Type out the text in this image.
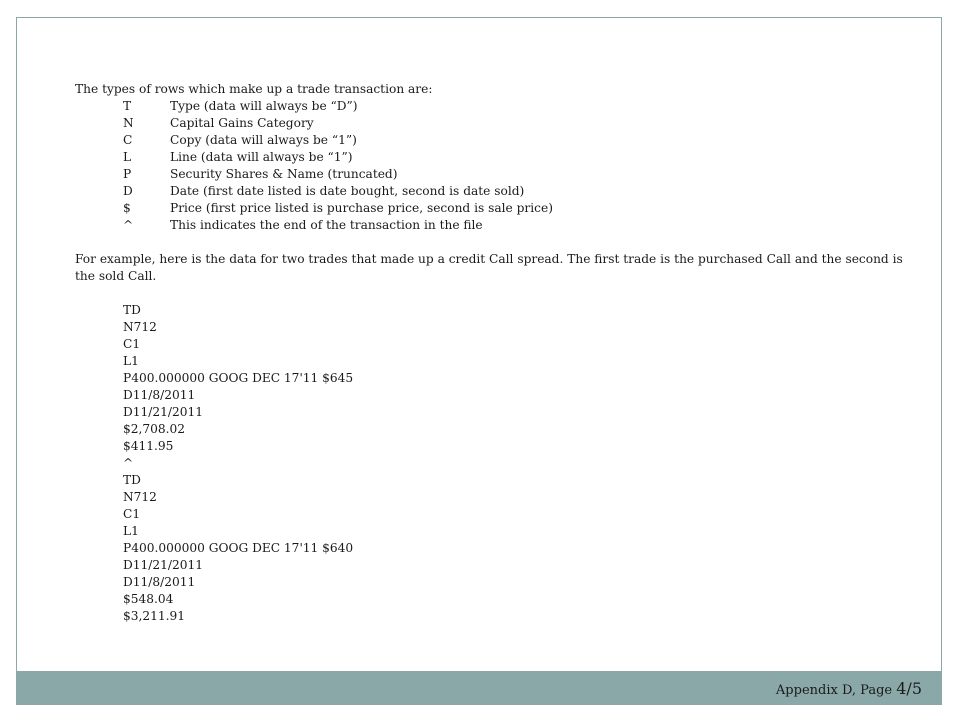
The types of rows which make up a trade transaction are:

T	Type (data will always be “D”)
N	Capital Gains Category
C	Copy (data will always be “1”)
L	Line (data will always be “1”)
P	Security Shares & Name (truncated)
D	Date (first date listed is date bought, second is date sold)
$	Price (first price listed is purchase price, second is sale price)
^	This indicates the end of the transaction in the file

For example, here is the data for two trades that made up a credit Call spread. The first trade is the purchased Call and the second is the sold Call.

TD

N712

C1

L1

P400.000000 GOOG DEC 17'11 $645

D11/8/2011

D11/21/2011

$2,708.02

$411.95

^

TD

N712

C1

L1

P400.000000 GOOG DEC 17'11 $640

D11/21/2011

D11/8/2011

$548.04

$3,211.91

Appendix D, Page 4/5
